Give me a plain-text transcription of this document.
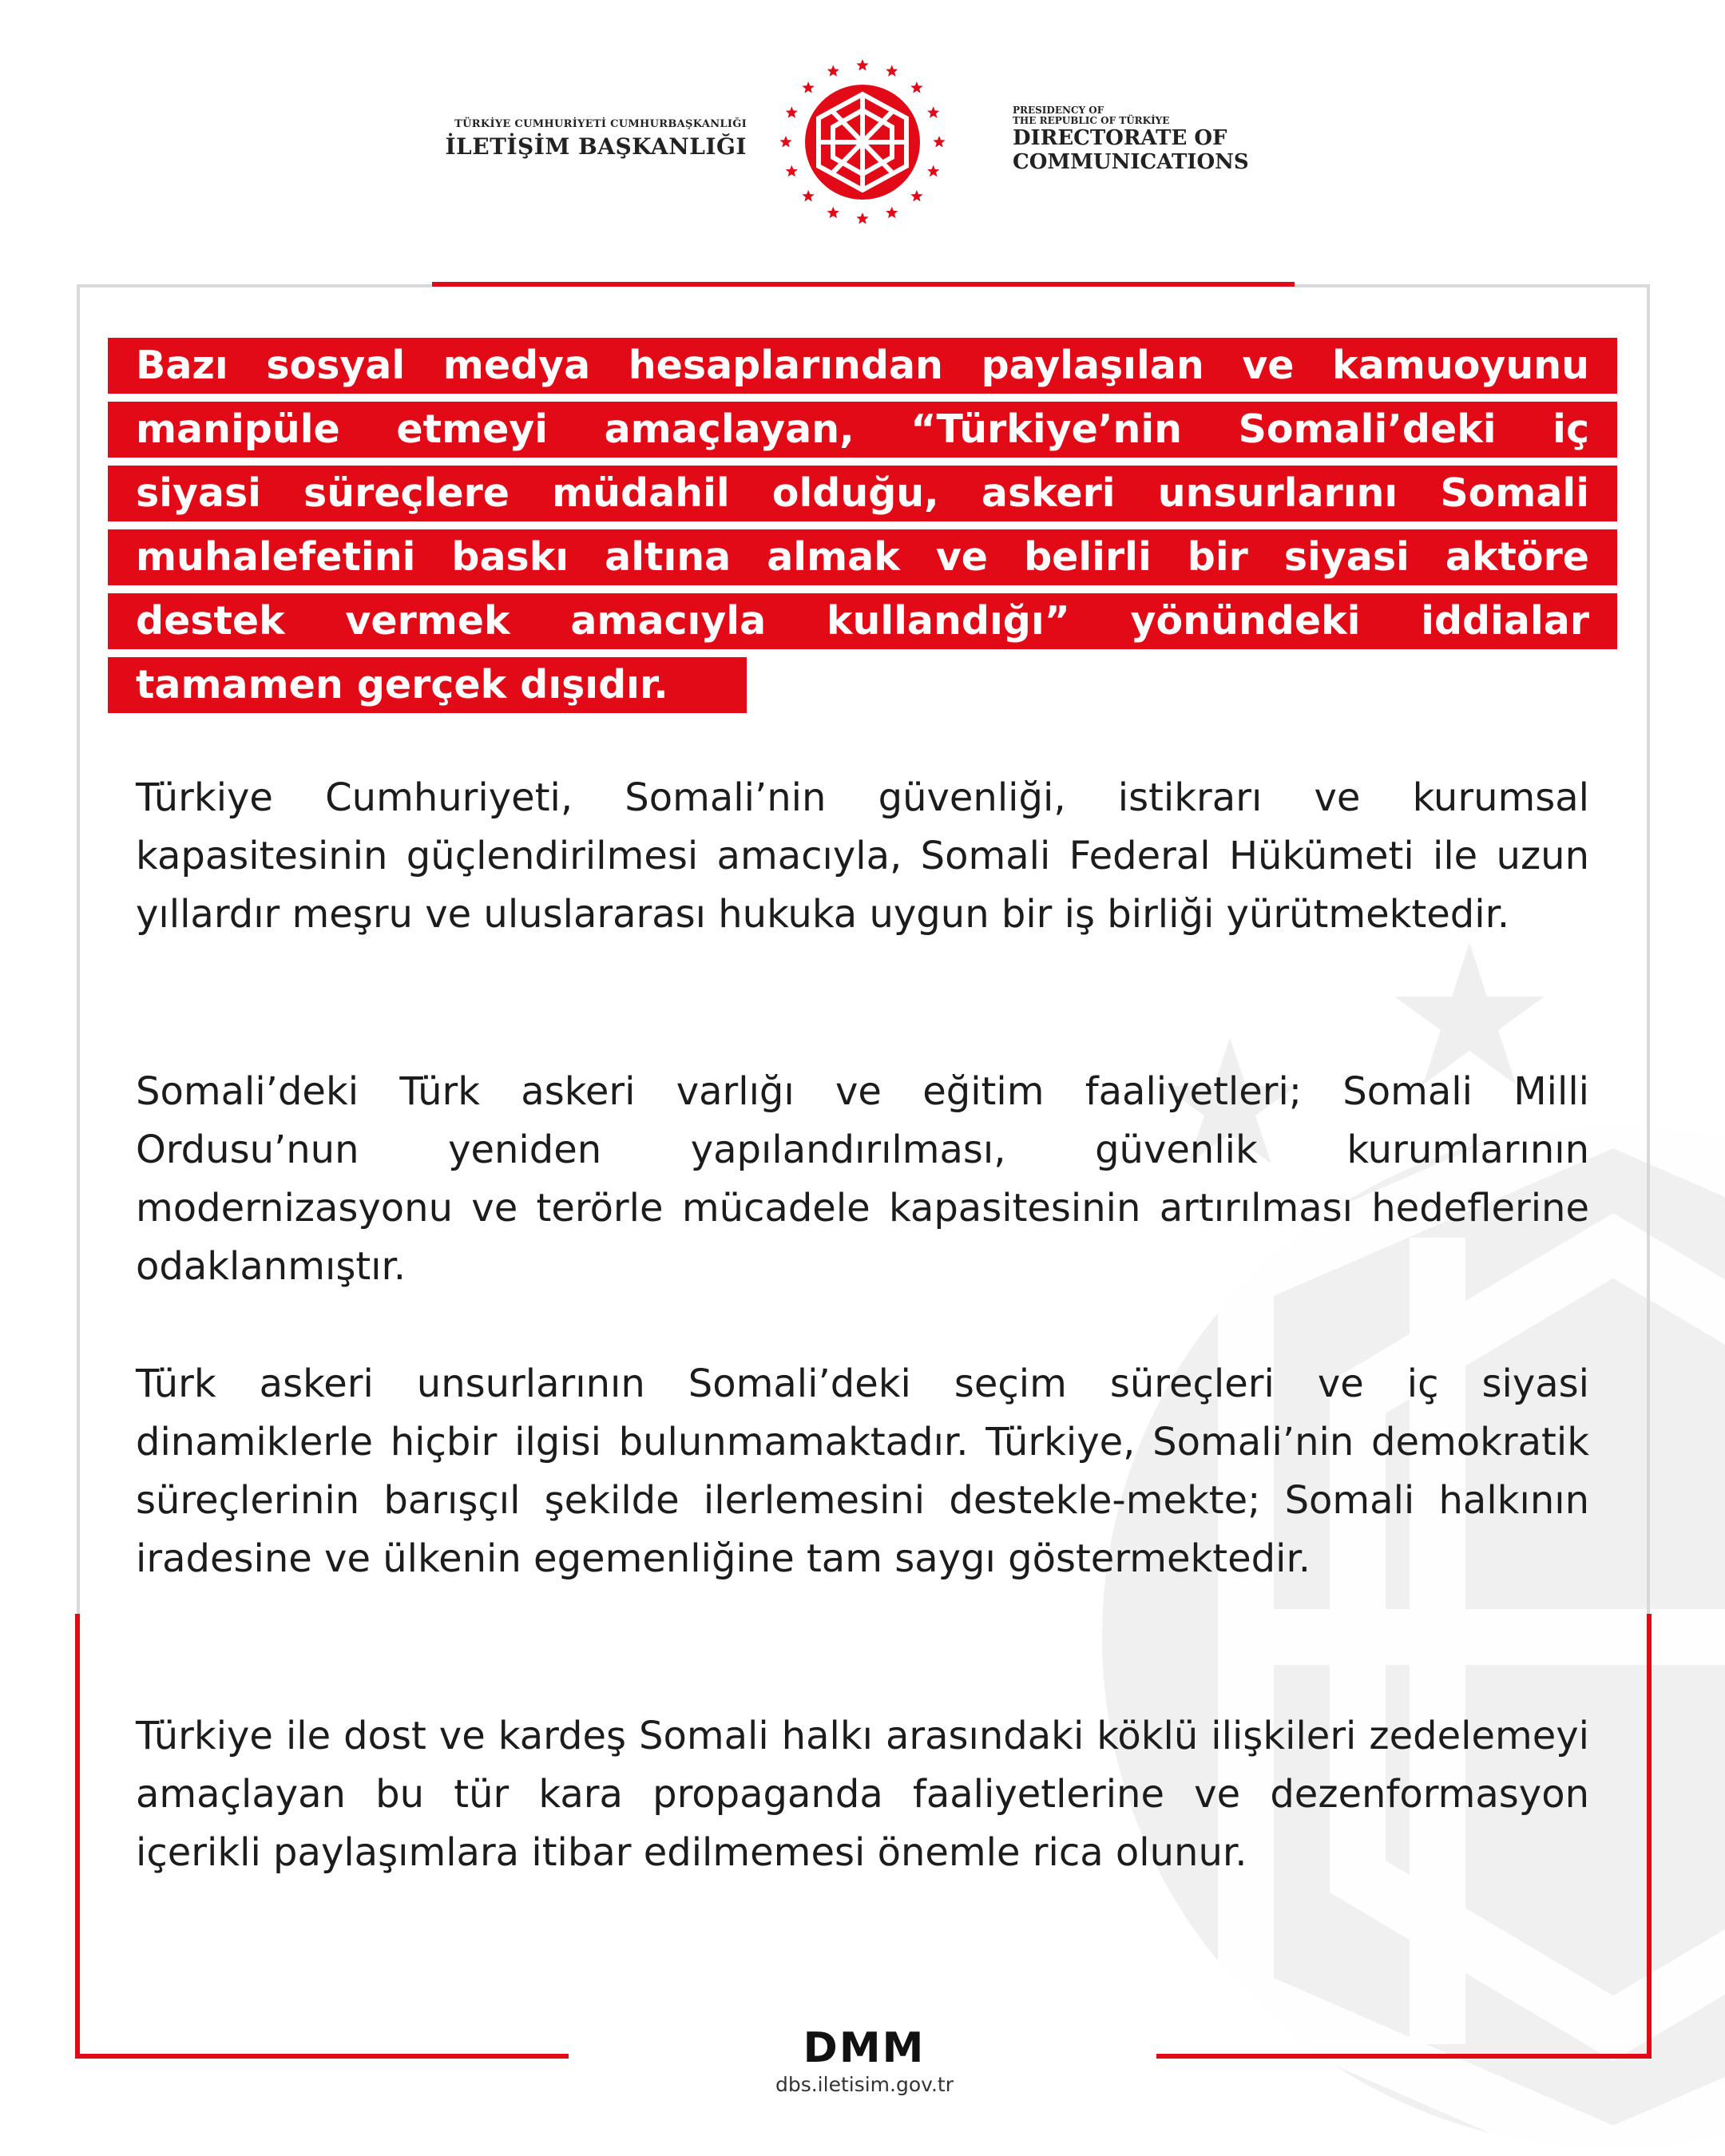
TÜRKİYE CUMHURİYETİ CUMHURBAŞKANLIĞI
İLETİŞİM BAŞKANLIĞI
PRESIDENCY OF
THE REPUBLIC OF TÜRKİYE
DIRECTORATE OF
COMMUNICATIONS
Bazı sosyal medya hesaplarından paylaşılan ve kamuoyunu
manipüle etmeyi amaçlayan, “Türkiye’nin Somali’deki iç
siyasi süreçlere müdahil olduğu, askeri unsurlarını Somali
muhalefetini baskı altına almak ve belirli bir siyasi aktöre
destek vermek amacıyla kullandığı” yönündeki iddialar
tamamen gerçek dışıdır.

Türkiye Cumhuriyeti, Somali’nin güvenliği, istikrarı ve kurumsal kapasitesinin güçlendirilmesi amacıyla, Somali Federal Hükümeti ile uzun yıllardır meşru ve uluslararası hukuka uygun bir iş birliği yürütmektedir.

Somali’deki Türk askeri varlığı ve eğitim faaliyetleri; Somali Milli Ordusu’nun yeniden yapılandırılması, güvenlik kurumlarının modernizasyonu ve terörle mücadele kapasitesinin artırılması hedeflerine odaklanmıştır.

Türk askeri unsurlarının Somali’deki seçim süreçleri ve iç siyasi dinamiklerle hiçbir ilgisi bulunmamaktadır. Türkiye, Somali’nin demokratik süreçlerinin barışçıl şekilde ilerlemesini destekle-mekte; Somali halkının iradesine ve ülkenin egemenliğine tam saygı göstermektedir.

Türkiye ile dost ve kardeş Somali halkı arasındaki köklü ilişkileri zedelemeyi amaçlayan bu tür kara propaganda faaliyetlerine ve dezenformasyon içerikli paylaşımlara itibar edilmemesi önemle rica olunur.

DMM
dbs.iletisim.gov.tr
